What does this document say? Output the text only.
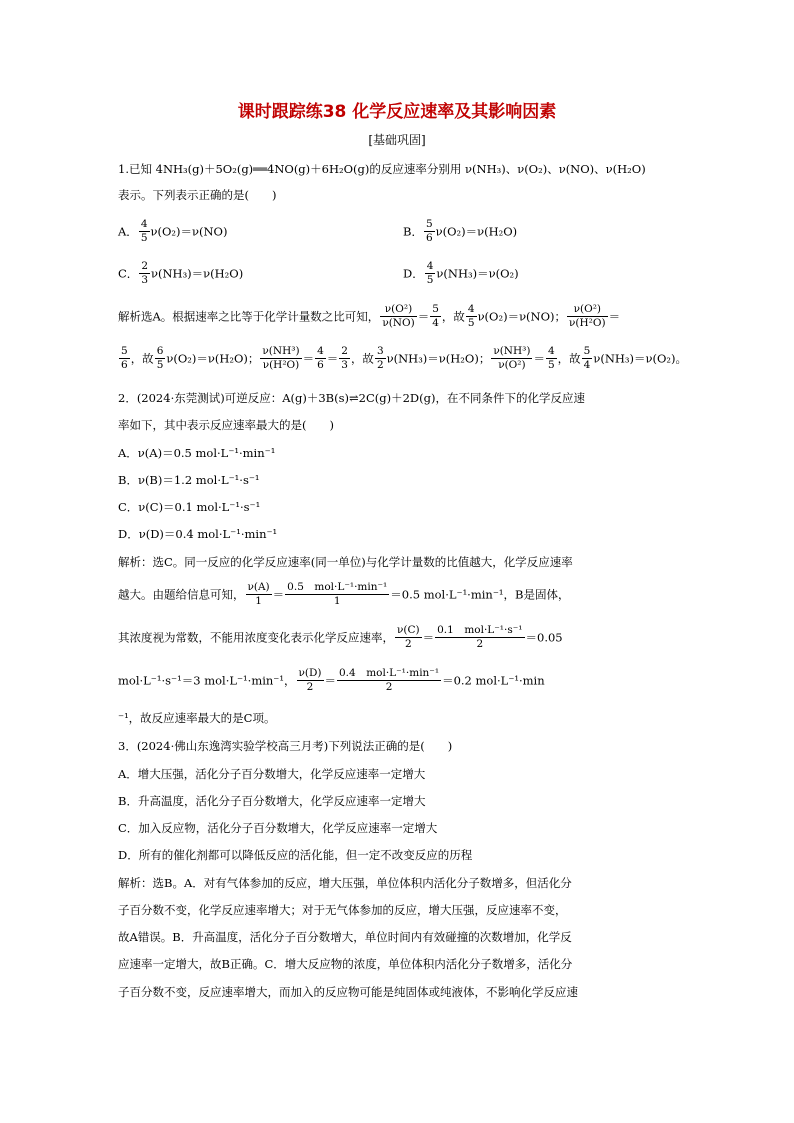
课时跟踪练38 化学反应速率及其影响因素
[基础巩固]
1.已知 4NH₃(g)＋5O₂(g)══4NO(g)＋6H₂O(g)的反应速率分别用 ν(NH₃)、ν(O₂)、ν(NO)、ν(H₂O)
表示。下列表示正确的是(　　)
A． $\frac{4}{5} \nu(O_2)=\nu(NO)$	B． $\frac{5}{6} \nu(O_2)=\nu(H_2O)$
C． $\frac{2}{3} \nu(NH_3)=\nu(H_2O)$	D． $\frac{4}{5} \nu(NH_3)=\nu(O_2)$
解析选A。根据速率之比等于化学计量数之比可知， $\frac{\text{ν(O²)}}{\nu(NO)} = \frac{5}{4}$ ，故 $\frac{4}{5} \nu(O_2)=\nu(NO)$； $\frac{\text{ν(O²)}}{\text{ν(H²O)}}$ ＝
$\frac{5}{6}$ ，故 $\frac{6}{5} \nu(O_2)=\nu(H_2O)$； $\frac{\text{ν(NH³)}}{\text{ν(H²O)}} = \frac{4}{6} = \frac{2}{3}$ ，故 $\frac{3}{2} \nu(NH_3)=\nu(H_2O)$； $\frac{\text{ν(NH³)}}{\text{ν(O²)}} = \frac{4}{5}$ ，故 $\frac{5}{4} \nu(NH_3)=\nu(O_2)$。
2．(2024·东莞测试)可逆反应：A(g)＋3B(s)⇌2C(g)＋2D(g)，在不同条件下的化学反应速
率如下，其中表示反应速率最大的是(　　)
A．ν(A)＝0.5 mol·L⁻¹·min⁻¹
B．ν(B)＝1.2 mol·L⁻¹·s⁻¹
C．ν(C)＝0.1 mol·L⁻¹·s⁻¹
D．ν(D)＝0.4 mol·L⁻¹·min⁻¹
解析：选C。同一反应的化学反应速率(同一单位)与化学计量数的比值越大，化学反应速率
越大。由题给信息可知， $\frac{\nu(A)}{1} = \frac{\text{0.5　mol·L⁻¹·min⁻¹}}{1} =0.5$ mol·L⁻¹·min⁻¹，B是固体，
其浓度视为常数，不能用浓度变化表示化学反应速率， $\frac{\nu(C)}{2} = \frac{\text{0.1　mol·L⁻¹·s⁻¹}}{2} =0.05$
mol·L⁻¹·s⁻¹＝3 mol·L⁻¹·min⁻¹， $\frac{\nu(D)}{2} = \frac{\text{0.4　mol·L⁻¹·min⁻¹}}{2} =0.2$ mol·L⁻¹·min
⁻¹，故反应速率最大的是C项。
3．(2024·佛山东逸湾实验学校高三月考)下列说法正确的是(　　)
A．增大压强，活化分子百分数增大，化学反应速率一定增大
B．升高温度，活化分子百分数增大，化学反应速率一定增大
C．加入反应物，活化分子百分数增大，化学反应速率一定增大
D．所有的催化剂都可以降低反应的活化能，但一定不改变反应的历程
解析：选B。A．对有气体参加的反应，增大压强，单位体积内活化分子数增多，但活化分
子百分数不变，化学反应速率增大；对于无气体参加的反应，增大压强，反应速率不变，
故A错误。B．升高温度，活化分子百分数增大，单位时间内有效碰撞的次数增加，化学反
应速率一定增大，故B正确。C．增大反应物的浓度，单位体积内活化分子数增多，活化分
子百分数不变，反应速率增大，而加入的反应物可能是纯固体或纯液体，不影响化学反应速
